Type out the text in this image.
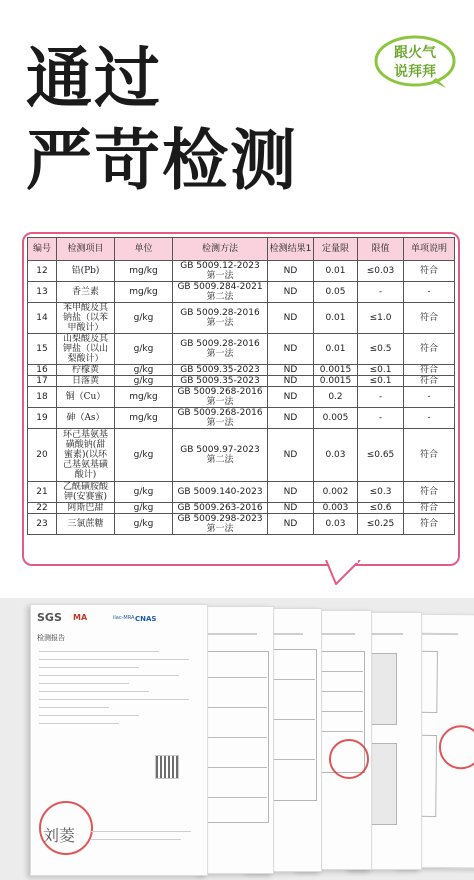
通过
严苛检测
跟火气
说拜拜
编号	检测项目	单位	检测方法	检测结果1	定量限	限值	单项说明
12	铅(Pb)	mg/kg	GB 5009.12-2023
第一法	ND	0.01	≤0.03	符合
13	香兰素	mg/kg	GB 5009.284-2021
第二法	ND	0.05	-	-
14	苯甲酸及其
钠盐（以苯
甲酸计）	g/kg	GB 5009.28-2016
第一法	ND	0.01	≤1.0	符合
15	山梨酸及其
钾盐（以山
梨酸计）	g/kg	GB 5009.28-2016
第一法	ND	0.01	≤0.5	符合
16	柠檬黄	g/kg	GB 5009.35-2023	ND	0.0015	≤0.1	符合
17	日落黄	g/kg	GB 5009.35-2023	ND	0.0015	≤0.1	符合
18	铜（Cu）	mg/kg	GB 5009.268-2016
第一法	ND	0.2	-	-
19	砷（As）	mg/kg	GB 5009.268-2016
第一法	ND	0.005	-	-
20	环己基氨基
磺酸钠(甜
蜜素)(以环
己基氨基磺
酸计)	g/kg	GB 5009.97-2023
第二法	ND	0.03	≤0.65	符合
21	乙酰磺胺酸
钾(安赛蜜)	g/kg	GB 5009.140-2023	ND	0.002	≤0.3	符合
22	阿斯巴甜	g/kg	GB 5009.263-2016	ND	0.003	≤0.6	符合
23	三氯蔗糖	g/kg	GB 5009.298-2023
第一法	ND	0.03	≤0.25	符合
SGS MA	ilac-MRA CNAS
检测报告
刘菱
